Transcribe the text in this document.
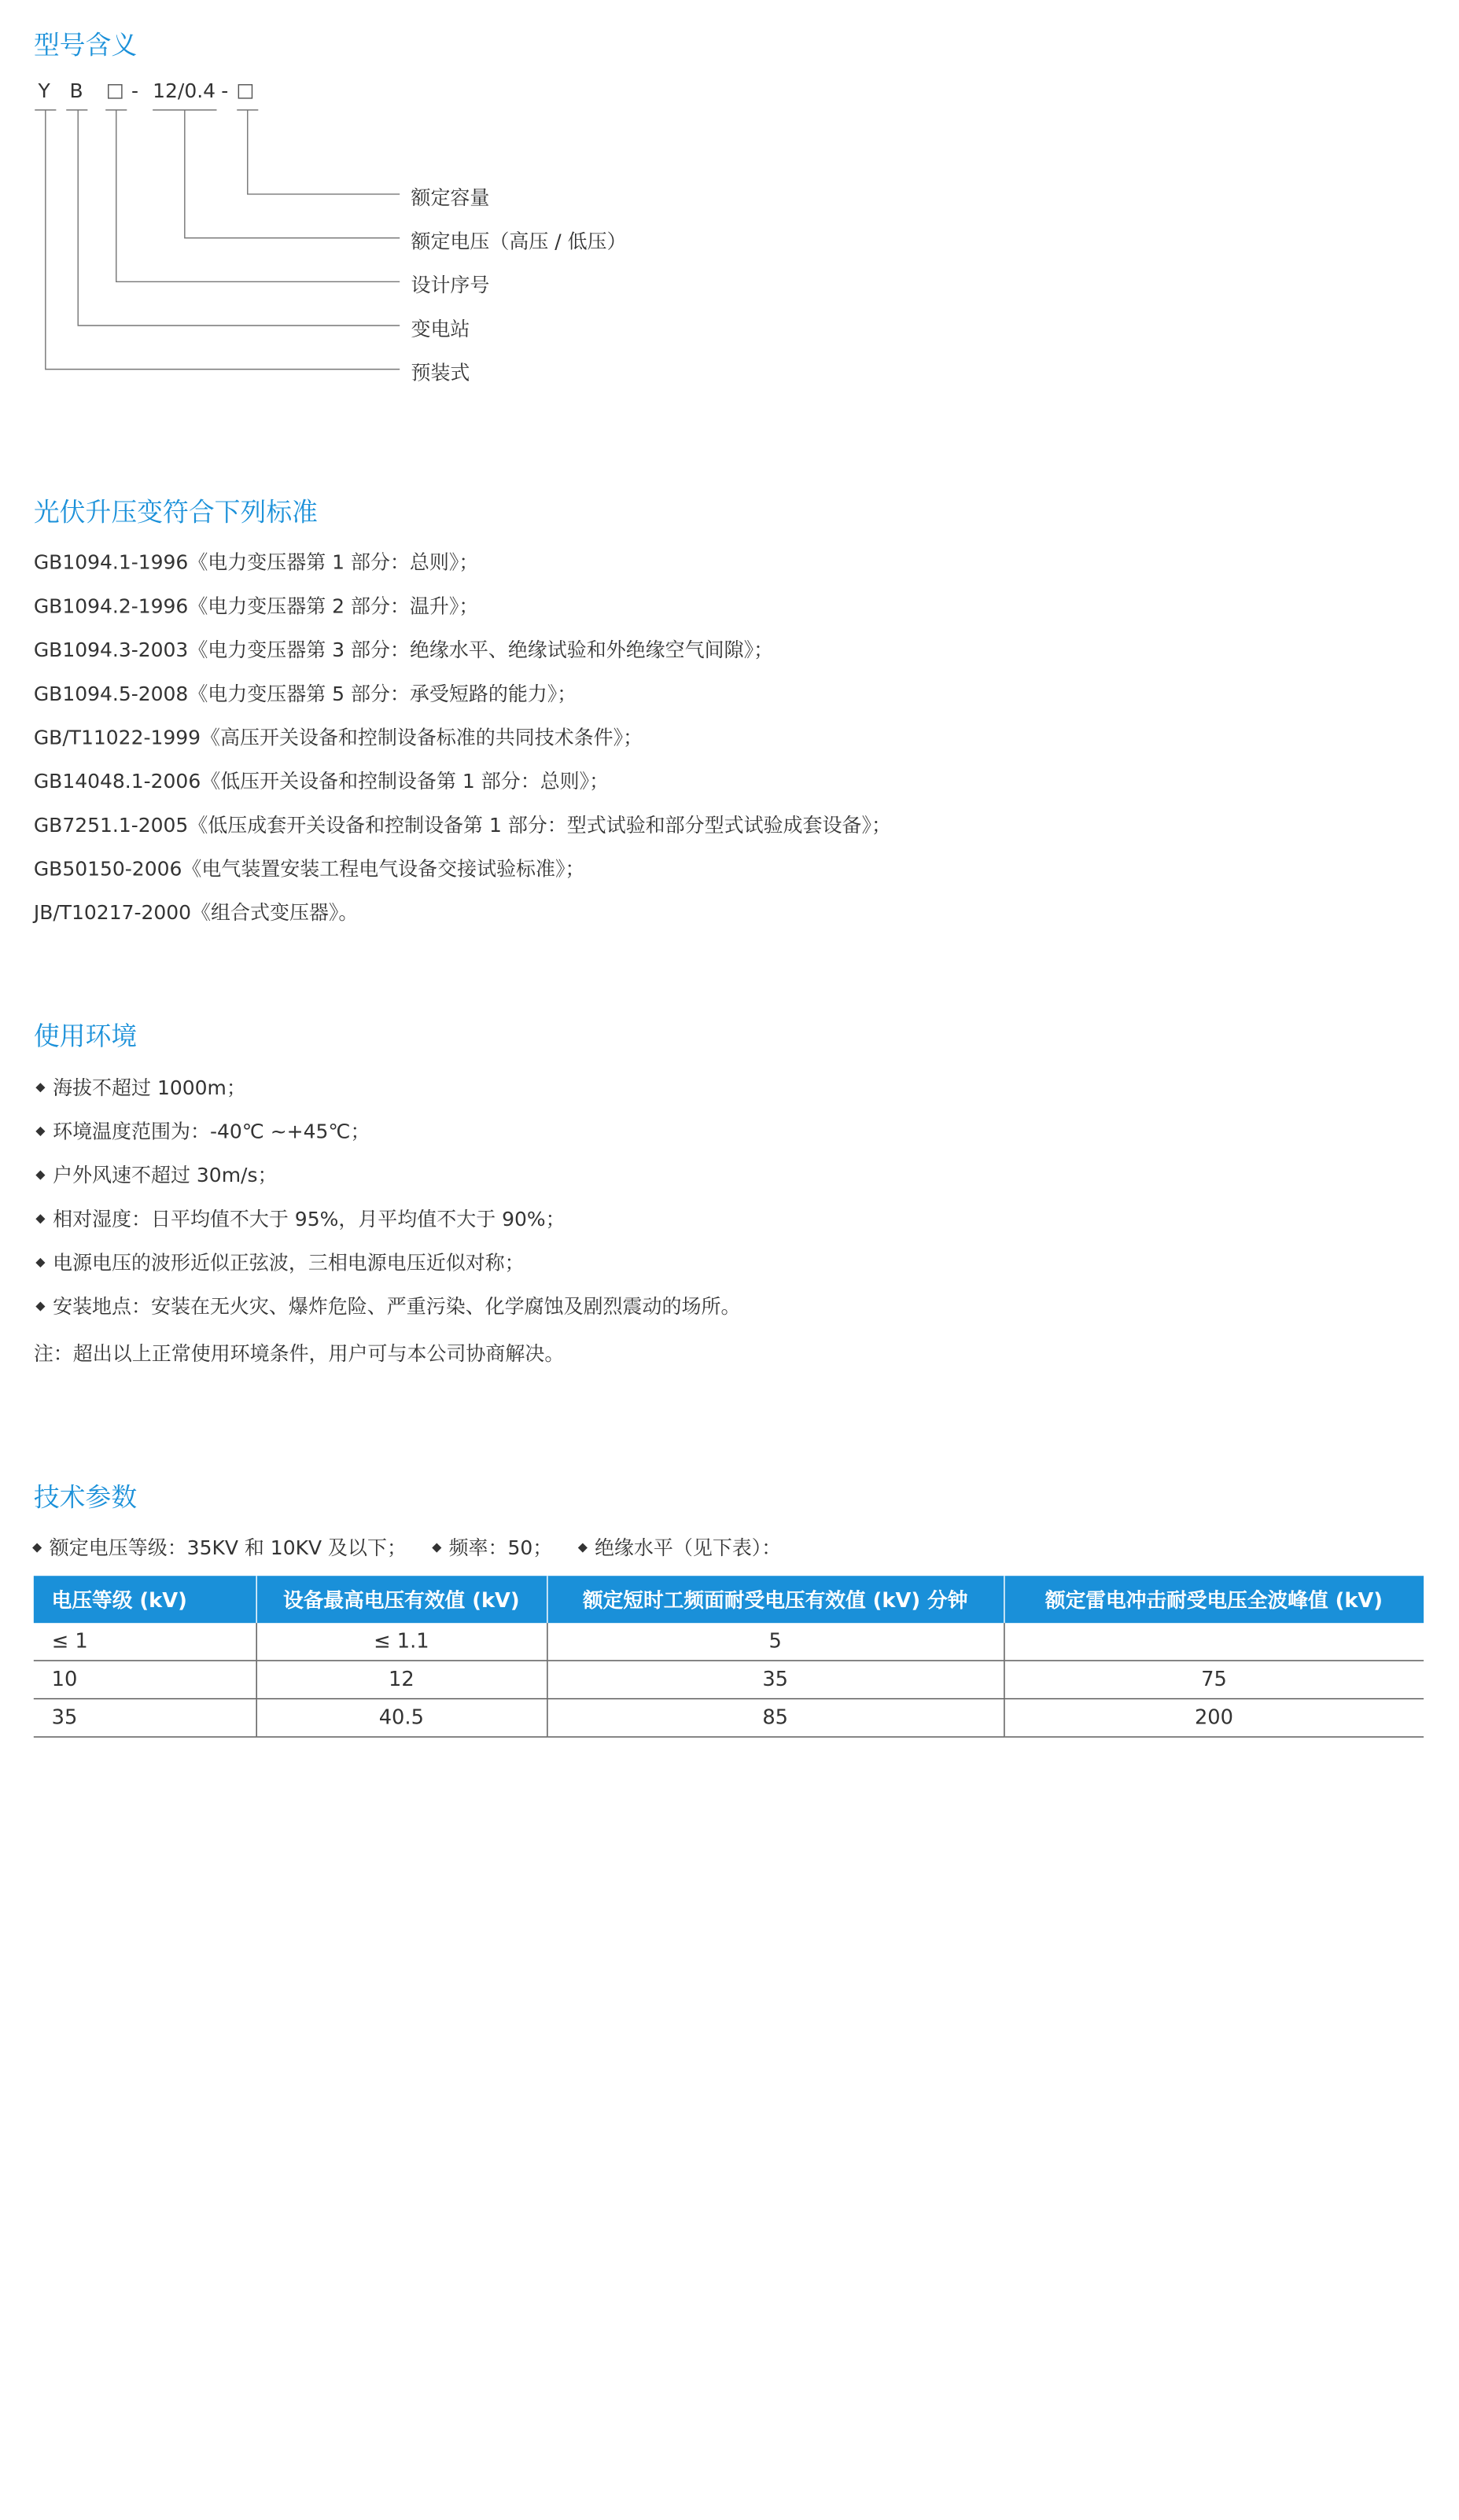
型号含义
Y B	- 12/0.4 -
额定容量
额定电压（高压 / 低压）
设计序号
变电站
预装式
光伏升压变符合下列标准
GB1094.1-1996《电力变压器第 1 部分：总则》；
GB1094.2-1996《电力变压器第 2 部分：温升》；
GB1094.3-2003《电力变压器第 3 部分：绝缘水平、绝缘试验和外绝缘空气间隙》；
GB1094.5-2008《电力变压器第 5 部分：承受短路的能力》；
GB/T11022-1999《高压开关设备和控制设备标准的共同技术条件》；
GB14048.1-2006《低压开关设备和控制设备第 1 部分：总则》；
GB7251.1-2005《低压成套开关设备和控制设备第 1 部分：型式试验和部分型式试验成套设备》；
GB50150-2006《电气装置安装工程电气设备交接试验标准》；
JB/T10217-2000《组合式变压器》。
使用环境
海拔不超过 1000m；
环境温度范围为：-40℃ ~+45℃；
户外风速不超过 30m/s；
相对湿度：日平均值不大于 95%，月平均值不大于 90%；
电源电压的波形近似正弦波，三相电源电压近似对称；
安装地点：安装在无火灾、爆炸危险、严重污染、化学腐蚀及剧烈震动的场所。
注：超出以上正常使用环境条件，用户可与本公司协商解决。
技术参数
额定电压等级：35KV 和 10KV 及以下；	频率：50；	绝缘水平（见下表）：
电压等级 (kV)	设备最高电压有效值 (kV)	额定短时工频面耐受电压有效值 (kV) 分钟	额定雷电冲击耐受电压全波峰值 (kV)
≤ 1	≤ 1.1	5	
10	12	35	75
35	40.5	85	200
